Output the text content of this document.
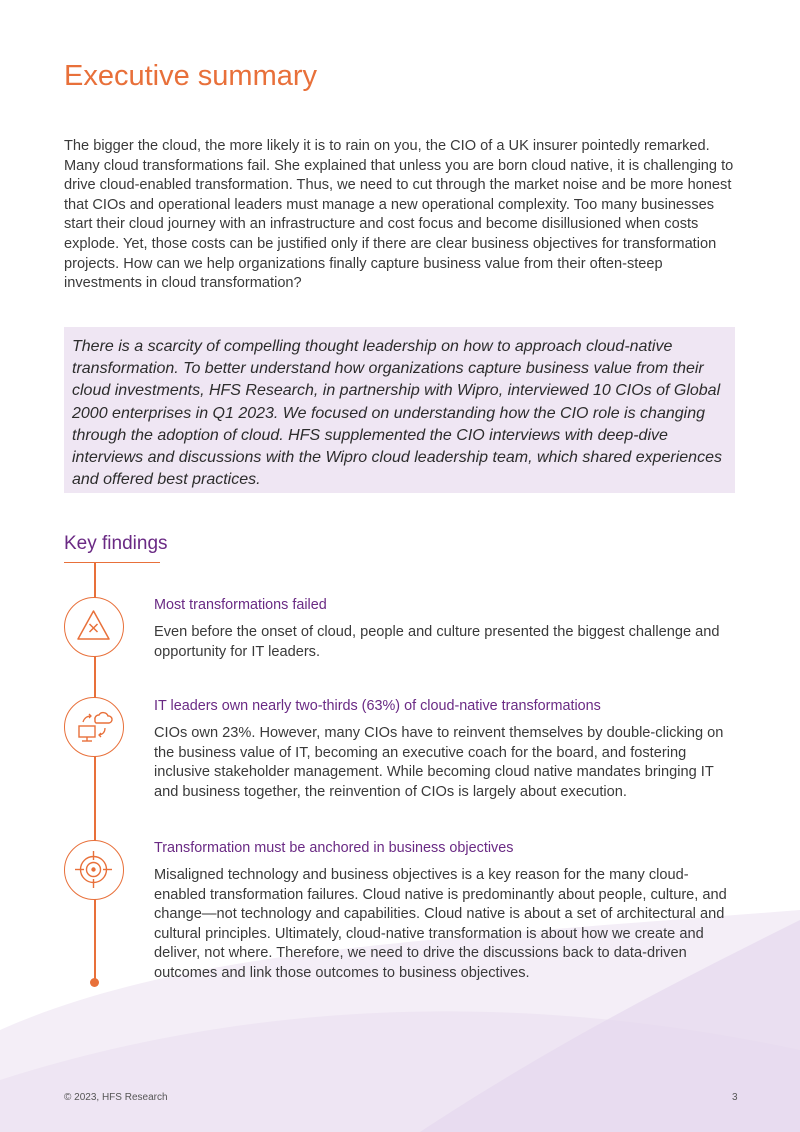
Executive summary

The bigger the cloud, the more likely it is to rain on you, the CIO of a UK insurer pointedly remarked. Many cloud transformations fail. She explained that unless you are born cloud native, it is challenging to drive cloud-enabled transformation. Thus, we need to cut through the market noise and be more honest that CIOs and operational leaders must manage a new operational complexity. Too many businesses start their cloud journey with an infrastructure and cost focus and become disillusioned when costs explode. Yet, those costs can be justified only if there are clear business objectives for transformation projects. How can we help organizations finally capture business value from their often-steep investments in cloud transformation?

There is a scarcity of compelling thought leadership on how to approach cloud-native transformation. To better understand how organizations capture business value from their cloud investments, HFS Research, in partnership with Wipro, interviewed 10 CIOs of Global 2000 enterprises in Q1 2023. We focused on understanding how the CIO role is changing through the adoption of cloud. HFS supplemented the CIO interviews with deep-dive interviews and discussions with the Wipro cloud leadership team, which shared experiences and offered best practices.

Key findings
Most transformations failed

Even before the onset of cloud, people and culture presented the biggest challenge and opportunity for IT leaders.

IT leaders own nearly two-thirds (63%) of cloud-native transformations

CIOs own 23%. However, many CIOs have to reinvent themselves by double-clicking on the business value of IT, becoming an executive coach for the board, and fostering inclusive stakeholder management. While becoming cloud native mandates bringing IT and business together, the reinvention of CIOs is largely about execution.

Transformation must be anchored in business objectives

Misaligned technology and business objectives is a key reason for the many cloud-enabled transformation failures. Cloud native is predominantly about people, culture, and change—not technology and capabilities. Cloud native is about a set of architectural and cultural principles. Ultimately, cloud-native transformation is about how we create and deliver, not where. Therefore, we need to drive the discussions back to data-driven outcomes and link those outcomes to business objectives.

© 2023, HFS Research	3
